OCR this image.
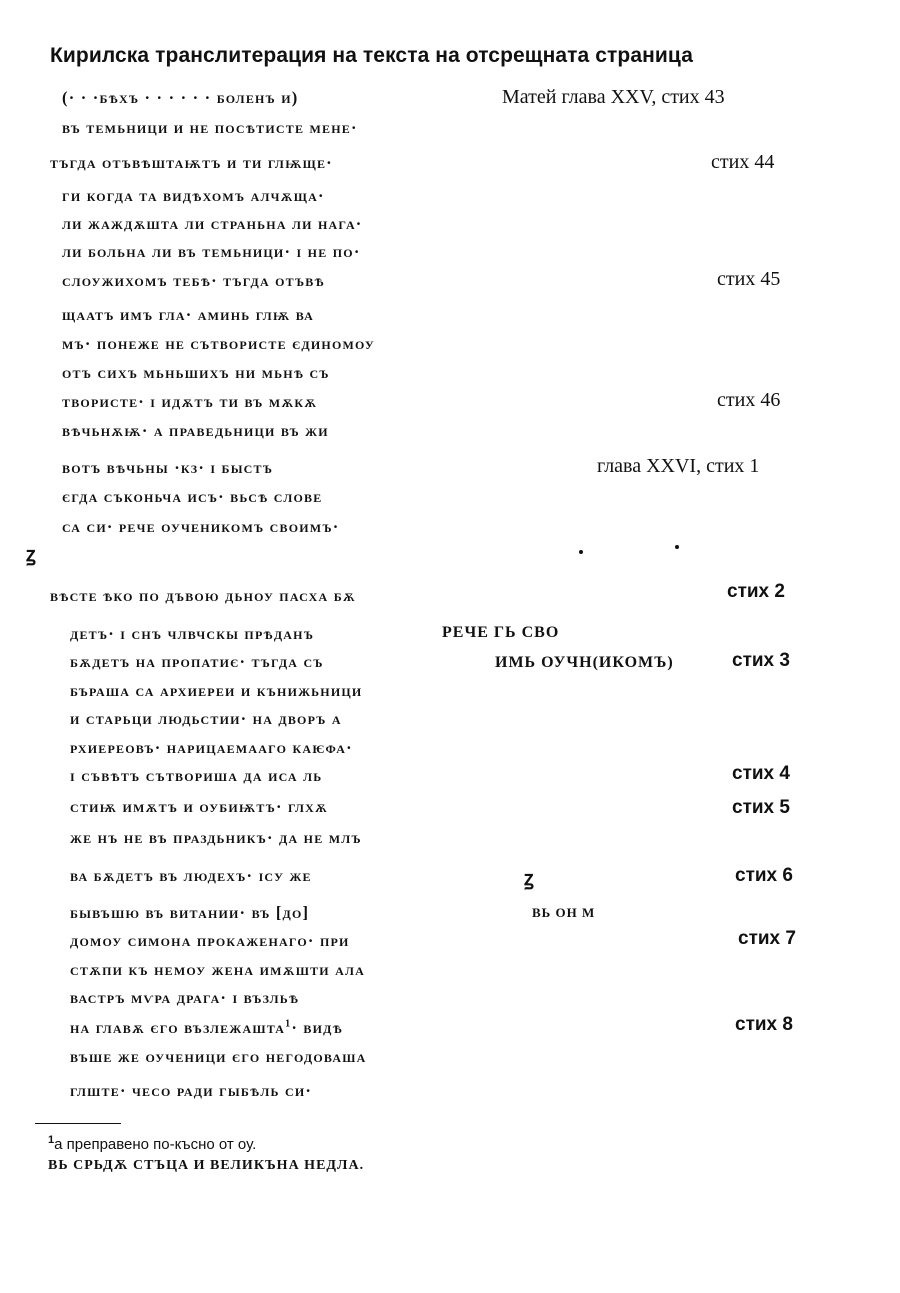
Кирилска транслитерация на текста на отсрещната страница
(· · ·бѣхъ · · · · · · боленъ и)
въ темьници и не посѣтисте мене·
тъгда отъвѣштаѭтъ и ти глѭще·
ги когда та видѣхомъ алчѫща·
ли жаждѫшта ли страньна ли нага·
ли больна ли въ темьници· і не по·
слоужихомъ тебѣ· тъгда отъвѣ
щаатъ имъ гла· аминь глѭ ва
мъ· понеже не сътвористе єдиномоу
отъ сихъ мьньшихъ ни мьнѣ съ
твористе· і идѫтъ ти въ мѫкѫ
вѣчьнѫѭ· а праведьници въ жи
вотъ вѣчьны ·кз· і быстъ
єгда съконьча исъ· вьсѣ слове
са си· рече оученикомъ своимъ·
ꙁ
вѣсте ѣко по дъвою дьноу пасха бѫ
детъ· і снъ члвчскы прѣданъ
бѫдетъ на пропатиє· тъгда съ
бъраша са архиереи и кънижьници
и старьци людьстии· на дворъ а
рхиереовъ· нарицаемааго каѥфа·
і съвѣтъ сътвориша да иса ль
стиѭ имѫтъ и оубиѭтъ· глхѫ
же нъ не въ праздьникъ· да не млъ
ва бѫдетъ въ людехъ· ісу же
бывъшю въ витании· въ [до]
домоу симона прокаженаго· при
стѫпи къ немоу жена имѫшти ала
вастръ мѵра драга· і възльѣ
на главѫ єго възлежашта$^1$· видѣ
въше же оученици єго негодоваша
глште· чесо ради гыбѣль си·
РЕЧЕ ГЬ СВО
ИМЬ ОУЧН(ИКОМЪ)
ꙁ
ВЬ ОН М
Матей глава XXV, стих 43
стих 44
стих 45
стих 46
глава XXVI, стих 1
стих 2
стих 3
стих 4
стих 5
стих 6
стих 7
стих 8
$^1$а преправено по-късно от оу.
ВЬ СРЬДѪ СТЪЦА И ВЕЛИКЪНА НЕДЛА.
